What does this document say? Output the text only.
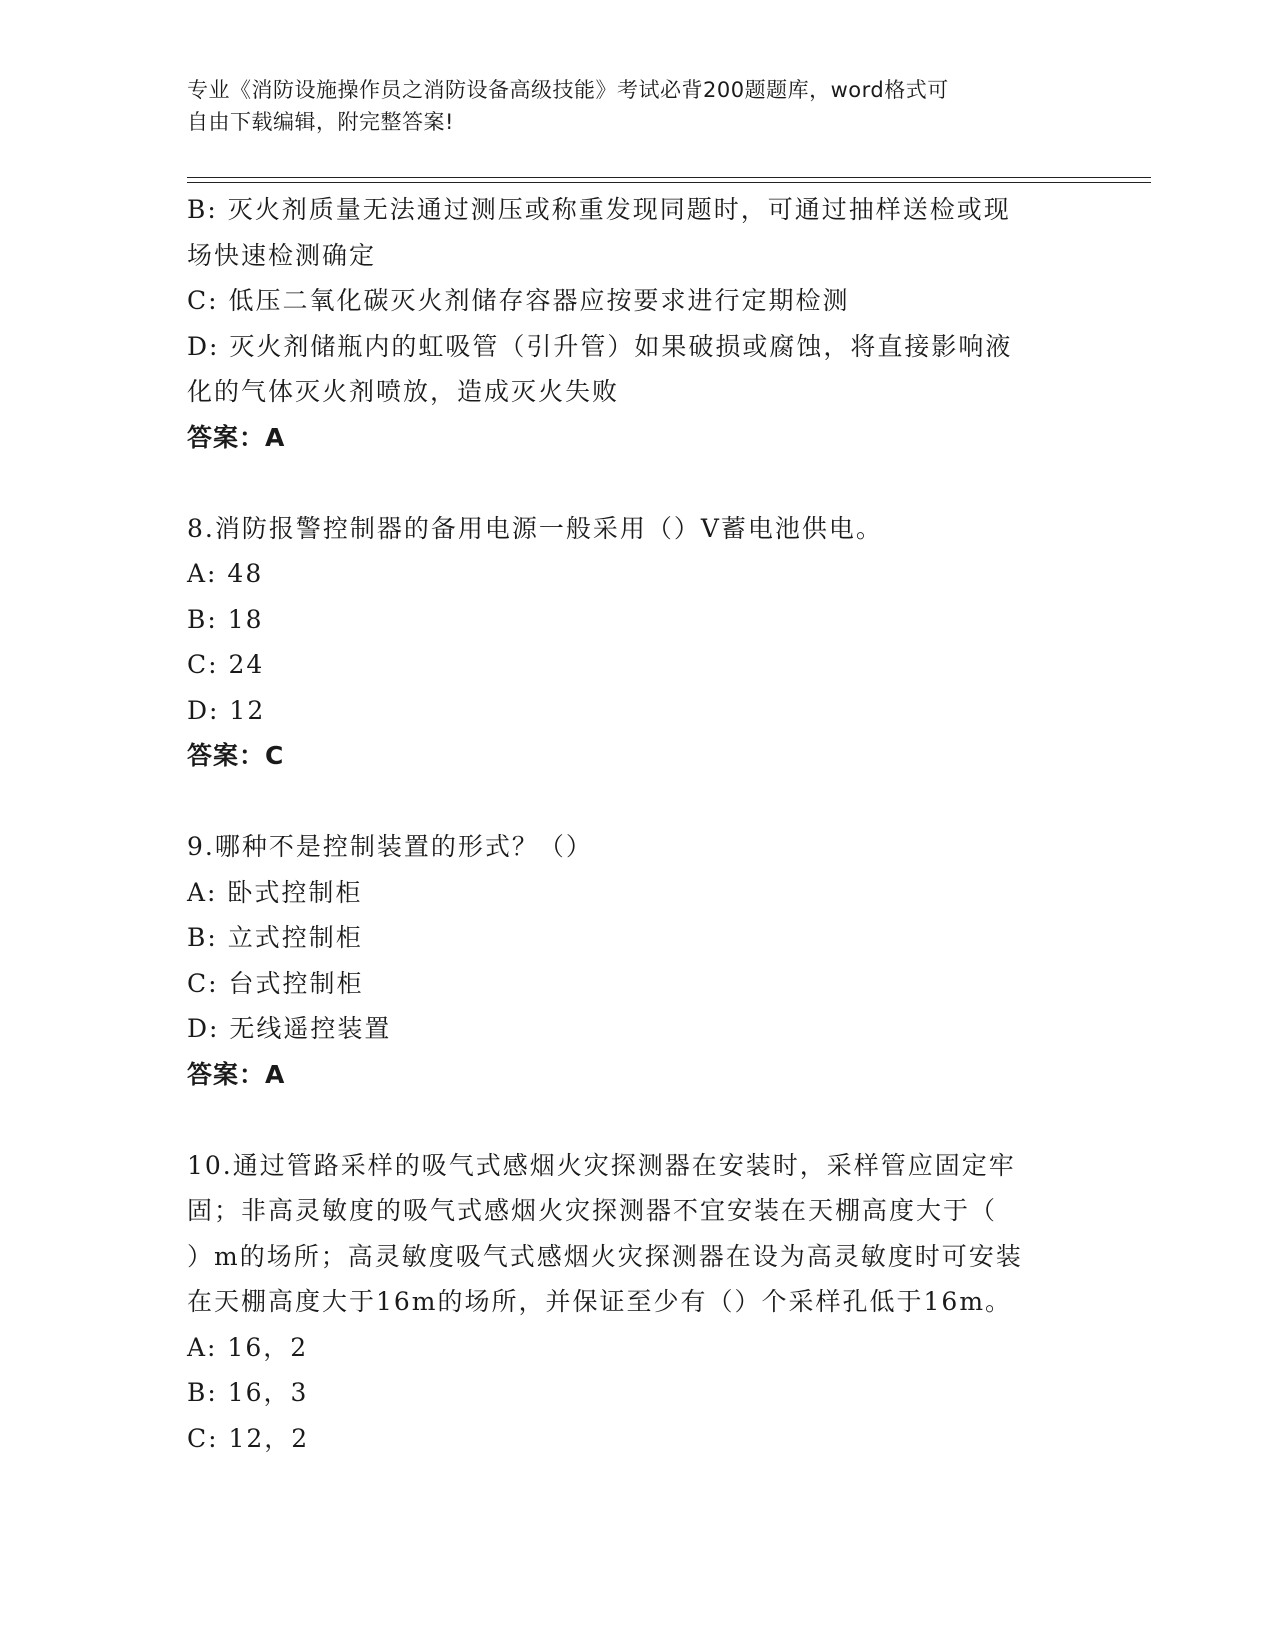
专业《消防设施操作员之消防设备高级技能》考试必背200题题库，word格式可
自由下载编辑，附完整答案!
B: 灭火剂质量无法通过测压或称重发现同题时，可通过抽样送检或现
场快速检测确定
C: 低压二氧化碳灭火剂储存容器应按要求进行定期检测
D: 灭火剂储瓶内的虹吸管（引升管）如果破损或腐蚀，将直接影响液
化的气体灭火剂喷放，造成灭火失败
答案：A
8.消防报警控制器的备用电源一般采用（）V蓄电池供电。
A: 48
B: 18
C: 24
D: 12
答案：C
9.哪种不是控制装置的形式？（）
A: 卧式控制柜
B: 立式控制柜
C: 台式控制柜
D: 无线遥控装置
答案：A
10.通过管路采样的吸气式感烟火灾探测器在安装时，采样管应固定牢
固；非高灵敏度的吸气式感烟火灾探测器不宜安装在天棚高度大于（
）m的场所；高灵敏度吸气式感烟火灾探测器在设为高灵敏度时可安装
在天棚高度大于16m的场所，并保证至少有（）个采样孔低于16m。
A: 16，2
B: 16，3
C: 12，2
